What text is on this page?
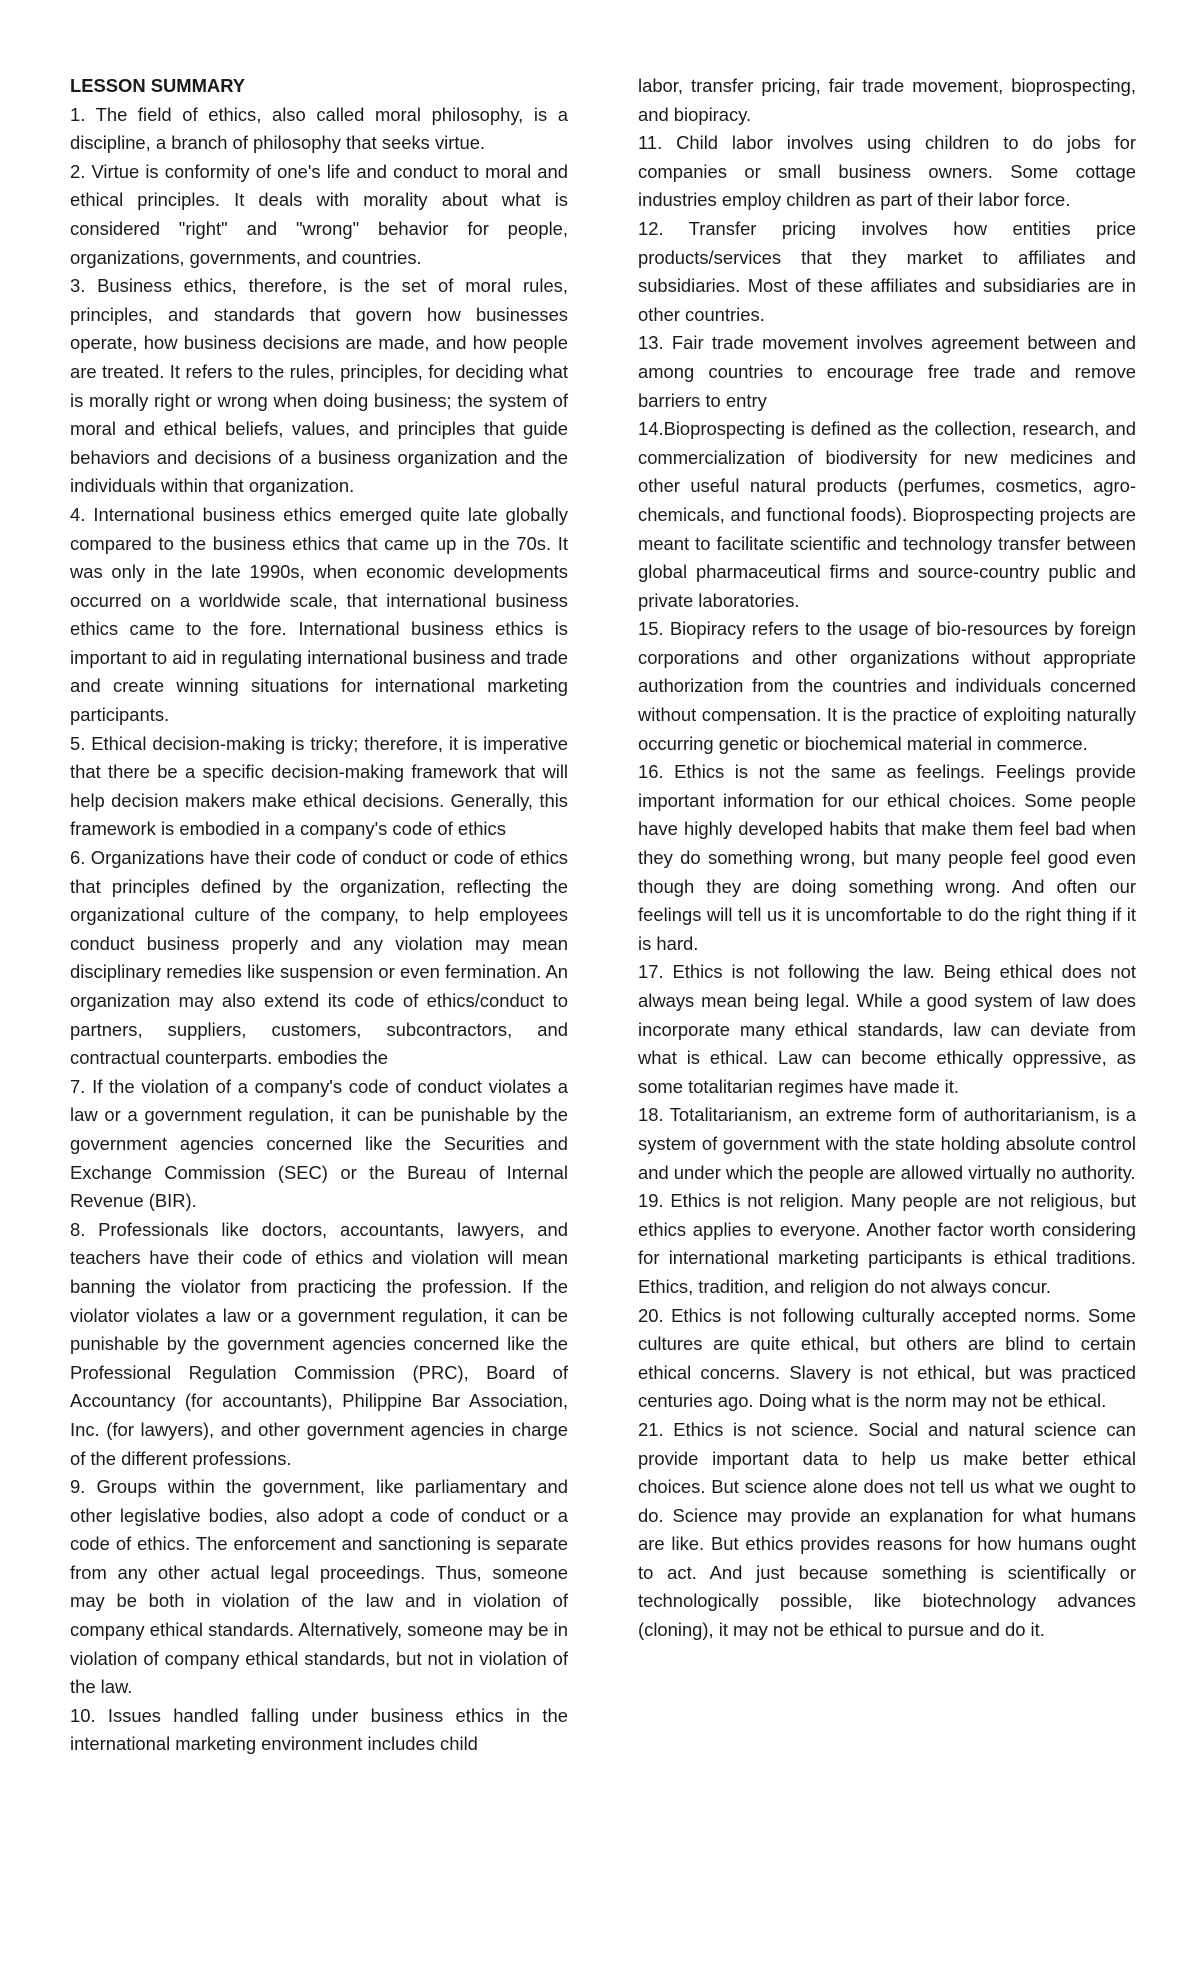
LESSON SUMMARY

1. The field of ethics, also called moral philosophy, is a discipline, a branch of philosophy that seeks virtue.

2. Virtue is conformity of one's life and conduct to moral and ethical principles. It deals with morality about what is considered "right" and "wrong" behavior for people, organizations, governments, and countries.

3. Business ethics, therefore, is the set of moral rules, principles, and standards that govern how businesses operate, how business decisions are made, and how people are treated. It refers to the rules, principles, for deciding what is morally right or wrong when doing business; the system of moral and ethical beliefs, values, and principles that guide behaviors and decisions of a business organization and the individuals within that organization.

4. International business ethics emerged quite late globally compared to the business ethics that came up in the 70s. It was only in the late 1990s, when economic developments occurred on a worldwide scale, that international business ethics came to the fore. International business ethics is important to aid in regulating international business and trade and create winning situations for international marketing participants.

5. Ethical decision-making is tricky; therefore, it is imperative that there be a specific decision-making framework that will help decision makers make ethical decisions. Generally, this framework is embodied in a company's code of ethics

6. Organizations have their code of conduct or code of ethics that principles defined by the organization, reflecting the organizational culture of the company, to help employees conduct business properly and any violation may mean disciplinary remedies like suspension or even fermination. An organization may also extend its code of ethics/conduct to partners, suppliers, customers, subcontractors, and contractual counterparts. embodies the

7. If the violation of a company's code of conduct violates a law or a government regulation, it can be punishable by the government agencies concerned like the Securities and Exchange Commission (SEC) or the Bureau of Internal Revenue (BIR).

8. Professionals like doctors, accountants, lawyers, and teachers have their code of ethics and violation will mean banning the violator from practicing the profession. If the violator violates a law or a government regulation, it can be punishable by the government agencies concerned like the Professional Regulation Commission (PRC), Board of Accountancy (for accountants), Philippine Bar Association, Inc. (for lawyers), and other government agencies in charge of the different professions.

9. Groups within the government, like parliamentary and other legislative bodies, also adopt a code of conduct or a code of ethics. The enforcement and sanctioning is separate from any other actual legal proceedings. Thus, someone may be both in violation of the law and in violation of company ethical standards. Alternatively, someone may be in violation of company ethical standards, but not in violation of the law.

10. Issues handled falling under business ethics in the international marketing environment includes child

labor, transfer pricing, fair trade movement, bioprospecting, and biopiracy.

11. Child labor involves using children to do jobs for companies or small business owners. Some cottage industries employ children as part of their labor force.

12. Transfer pricing involves how entities price products/services that they market to affiliates and subsidiaries. Most of these affiliates and subsidiaries are in other countries.

13. Fair trade movement involves agreement between and among countries to encourage free trade and remove barriers to entry

14.Bioprospecting is defined as the collection, research, and commercialization of biodiversity for new medicines and other useful natural products (perfumes, cosmetics, agro-chemicals, and functional foods). Bioprospecting projects are meant to facilitate scientific and technology transfer between global pharmaceutical firms and source-country public and private laboratories.

15. Biopiracy refers to the usage of bio-resources by foreign corporations and other organizations without appropriate authorization from the countries and individuals concerned without compensation. It is the practice of exploiting naturally occurring genetic or biochemical material in commerce.

16. Ethics is not the same as feelings. Feelings provide important information for our ethical choices. Some people have highly developed habits that make them feel bad when they do something wrong, but many people feel good even though they are doing something wrong. And often our feelings will tell us it is uncomfortable to do the right thing if it is hard.

17. Ethics is not following the law. Being ethical does not always mean being legal. While a good system of law does incorporate many ethical standards, law can deviate from what is ethical. Law can become ethically oppressive, as some totalitarian regimes have made it.

18. Totalitarianism, an extreme form of authoritarianism, is a system of government with the state holding absolute control and under which the people are allowed virtually no authority.

19. Ethics is not religion. Many people are not religious, but ethics applies to everyone. Another factor worth considering for international marketing participants is ethical traditions. Ethics, tradition, and religion do not always concur.

20. Ethics is not following culturally accepted norms. Some cultures are quite ethical, but others are blind to certain ethical concerns. Slavery is not ethical, but was practiced centuries ago. Doing what is the norm may not be ethical.

21. Ethics is not science. Social and natural science can provide important data to help us make better ethical choices. But science alone does not tell us what we ought to do. Science may provide an explanation for what humans are like. But ethics provides reasons for how humans ought to act. And just because something is scientifically or technologically possible, like biotechnology advances (cloning), it may not be ethical to pursue and do it.
